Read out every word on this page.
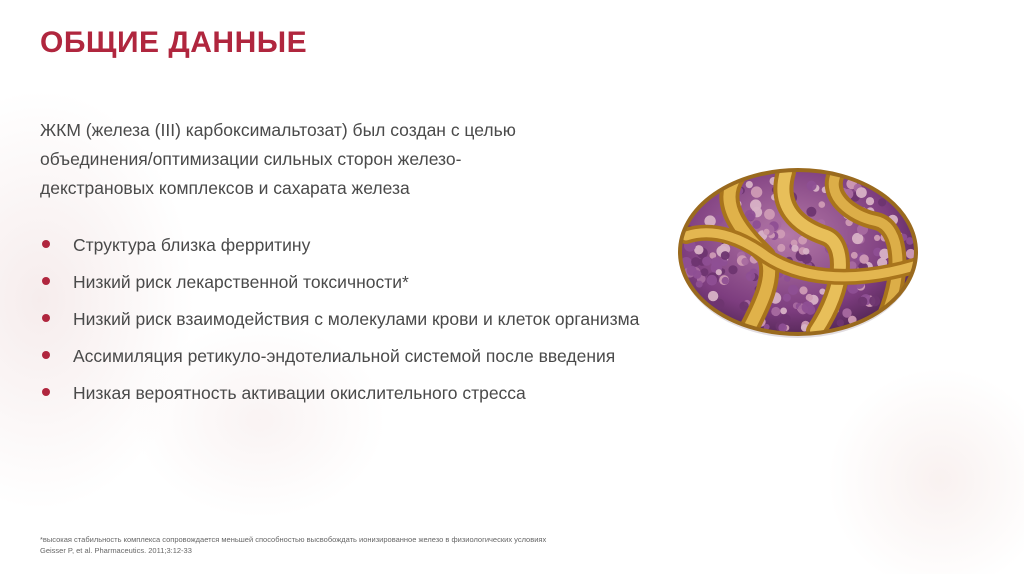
ОБЩИЕ ДАННЫЕ
ЖКМ (железа (III) карбоксимальтозат) был создан с целью
объединения/оптимизации сильных сторон железо-
декстрановых комплексов и сахарата железа
Структура близка ферритину
Низкий риск лекарственной токсичности*
Низкий риск взаимодействия с молекулами крови и клеток организма
Ассимиляция ретикуло-эндотелиальной системой после введения
Низкая вероятность активации окислительного стресса
*высокая стабильность комплекса сопровождается меньшей способностью высвобождать ионизированное железо в физиологических условиях
Geisser P, et al. Pharmaceutics. 2011;3:12-33
